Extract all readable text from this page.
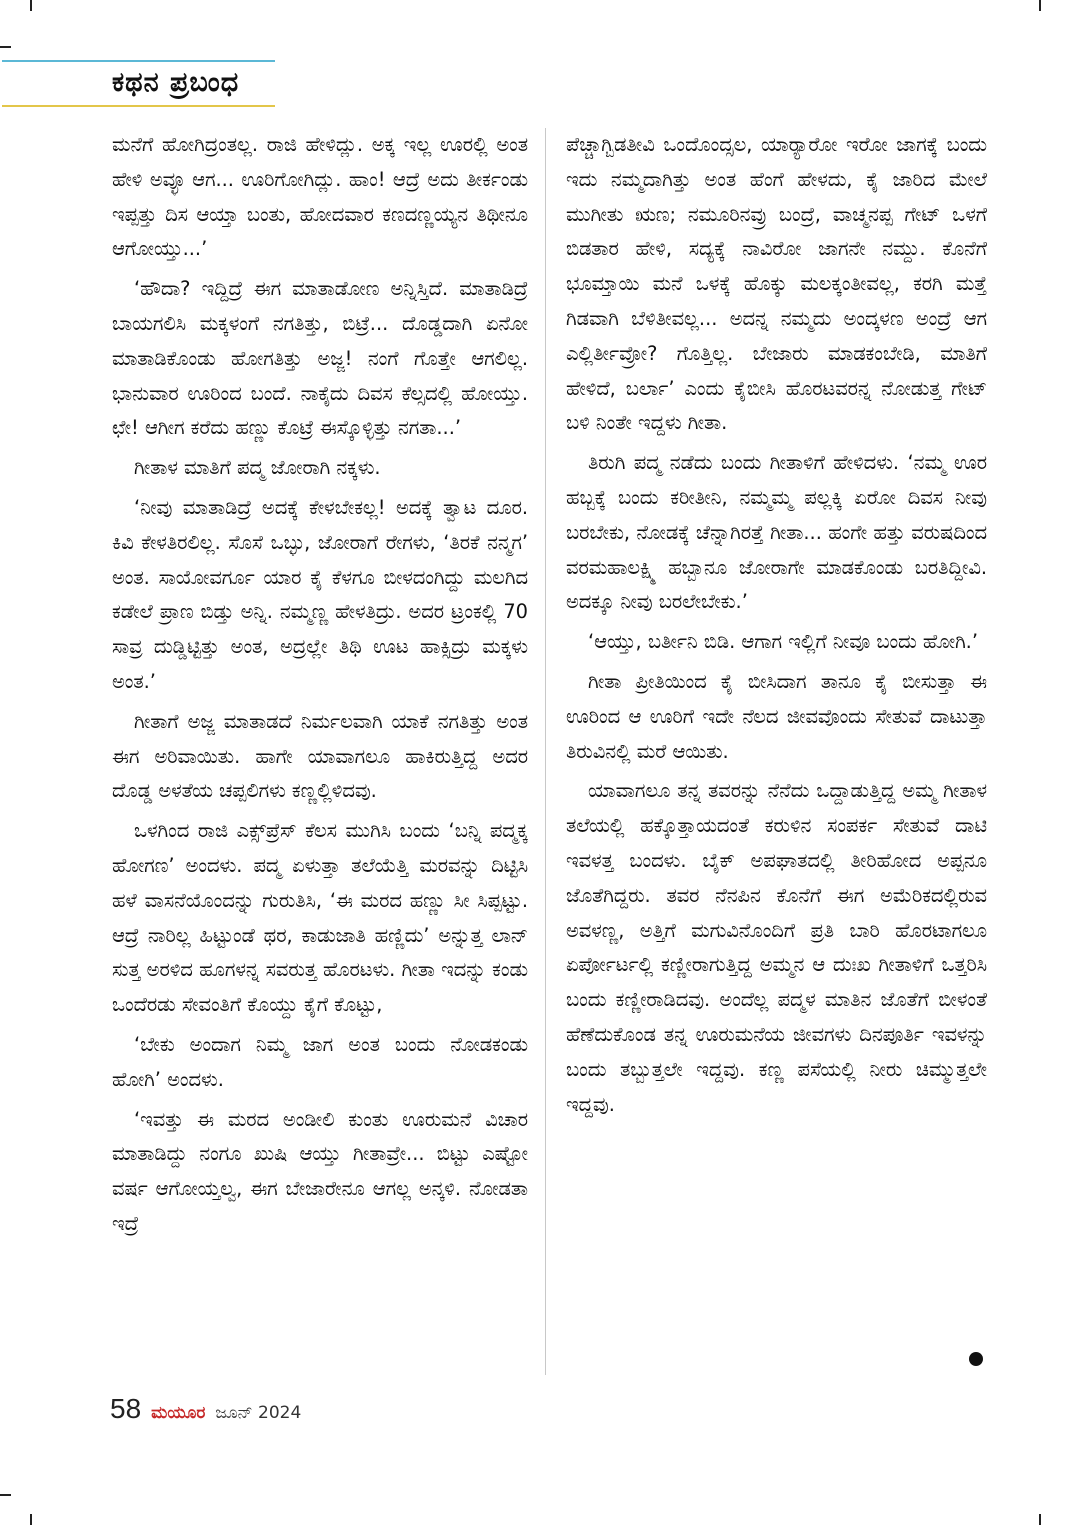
ಕಥನ ಪ್ರಬಂಧ

ಮನೆಗೆ ಹೋಗಿದ್ರಂತಲ್ಲ. ರಾಜಿ ಹೇಳಿದ್ಲು. ಅಕ್ಕ ಇಲ್ಲ ಊರಲ್ಲಿ ಅಂತ ಹೇಳಿ ಅವ್ಳೂ ಆಗ... ಊರಿಗೋಗಿದ್ಲು. ಹಾಂ! ಆದ್ರೆ ಅದು ತೀರ್ಕಂಡು ಇಪ್ಪತ್ತು ದಿಸ ಆಯ್ತಾ ಬಂತು, ಹೋದವಾರ ಕಣದಣ್ಣಯ್ಯನ ತಿಥೀನೂ ಆಗೋಯ್ತು...’

‘ಹೌದಾ? ಇದ್ದಿದ್ರೆ ಈಗ ಮಾತಾಡೋಣ ಅನ್ನಿಸ್ತಿದೆ. ಮಾತಾಡಿದ್ರೆ ಬಾಯಗಲಿಸಿ ಮಕ್ಕಳಂಗೆ ನಗತಿತ್ತು, ಬಿಟ್ರೆ... ದೊಡ್ಡದಾಗಿ ಏನೋ ಮಾತಾಡಿಕೊಂಡು ಹೋಗತಿತ್ತು ಅಜ್ಜ! ನಂಗೆ ಗೊತ್ತೇ ಆಗಲಿಲ್ಲ. ಭಾನುವಾರ ಊರಿಂದ ಬಂದೆ. ನಾಕೈದು ದಿವಸ ಕೆಲ್ಸದಲ್ಲಿ ಹೋಯ್ತು. ಛೇ! ಆಗೀಗ ಕರೆದು ಹಣ್ಣು ಕೊಟ್ರೆ ಈಸ್ಕೊಳ್ಳಿತ್ತು ನಗತಾ...’

ಗೀತಾಳ ಮಾತಿಗೆ ಪದ್ಮ ಜೋರಾಗಿ ನಕ್ಕಳು.

‘ನೀವು ಮಾತಾಡಿದ್ರೆ ಅದಕ್ಕೆ ಕೇಳಬೇಕಲ್ಲ! ಅದಕ್ಕೆ ತ್ವಾಟ ದೂರ. ಕಿವಿ ಕೇಳತಿರಲಿಲ್ಲ. ಸೊಸೆ ಒಬ್ಳು, ಜೋರಾಗೆ ರೇಗಳು, ‘ತಿರಕೆ ನನ್ಮಗ’ ಅಂತ. ಸಾಯೋವರ್ಗೂ ಯಾರ ಕೈ ಕೆಳಗೂ ಬೀಳದಂಗಿದ್ದು ಮಲಗಿದ ಕಡೇಲೆ ಪ್ರಾಣ ಬಿಡ್ತು ಅನ್ನಿ. ನಮ್ಮಣ್ಣ ಹೇಳತಿದ್ರು. ಅದರ ಟ್ರಂಕಲ್ಲಿ 70 ಸಾವ್ರ ದುಡ್ಡಿಟ್ಟಿತ್ತು ಅಂತ, ಅದ್ರಲ್ಲೇ ತಿಥಿ ಊಟ ಹಾಕ್ಸಿದ್ರು ಮಕ್ಕಳು ಅಂತ.’

ಗೀತಾಗೆ ಅಜ್ಜ ಮಾತಾಡದೆ ನಿರ್ಮಲವಾಗಿ ಯಾಕೆ ನಗತಿತ್ತು ಅಂತ ಈಗ ಅರಿವಾಯಿತು. ಹಾಗೇ ಯಾವಾಗಲೂ ಹಾಕಿರುತ್ತಿದ್ದ ಅದರ ದೊಡ್ಡ ಅಳತೆಯ ಚಪ್ಪಲಿಗಳು ಕಣ್ಣಲ್ಲಿಳಿದವು.

ಒಳಗಿಂದ ರಾಜಿ ಎಕ್ಸ್‌ಪ್ರೆಸ್ ಕೆಲಸ ಮುಗಿಸಿ ಬಂದು ‘ಬನ್ನಿ ಪದ್ಮಕ್ಕ ಹೋಗಣ’ ಅಂದಳು. ಪದ್ಮ ಏಳುತ್ತಾ ತಲೆಯೆತ್ತಿ ಮರವನ್ನು ದಿಟ್ಟಿಸಿ ಹಳೆ ವಾಸನೆಯೊಂದನ್ನು ಗುರುತಿಸಿ, ‘ಈ ಮರದ ಹಣ್ಣು ಸೀ ಸಿಪ್ಪಟ್ಟು. ಆದ್ರೆ ನಾರಿಲ್ಲ ಹಿಟ್ಟುಂಡೆ ಥರ, ಕಾಡುಜಾತಿ ಹಣ್ಣಿದು’ ಅನ್ನುತ್ತ ಲಾನ್ ಸುತ್ತ ಅರಳಿದ ಹೂಗಳನ್ನ ಸವರುತ್ತ ಹೊರಟಳು. ಗೀತಾ ಇದನ್ನು ಕಂಡು ಒಂದೆರಡು ಸೇವಂತಿಗೆ ಕೊಯ್ದು ಕೈಗೆ ಕೊಟ್ಟು,

‘ಬೇಕು ಅಂದಾಗ ನಿಮ್ಮ ಜಾಗ ಅಂತ ಬಂದು ನೋಡಕಂಡು ಹೋಗಿ’ ಅಂದಳು.

‘ಇವತ್ತು ಈ ಮರದ ಅಂಡೀಲಿ ಕುಂತು ಊರುಮನೆ ವಿಚಾರ ಮಾತಾಡಿದ್ದು ನಂಗೂ ಖುಷಿ ಆಯ್ತು ಗೀತಾವ್ರೇ... ಬಿಟ್ಟು ಎಷ್ಟೋ ವರ್ಷ ಆಗೋಯ್ತಲ್ವ, ಈಗ ಬೇಜಾರೇನೂ ಆಗಲ್ಲ ಅನ್ಕಳಿ. ನೋಡತಾ ಇದ್ರೆ

ಪೆಚ್ಚಾಗ್ಬಿಡತೀವಿ ಒಂದೊಂದ್ಸಲ, ಯಾರ್‍ಯಾರೋ ಇರೋ ಜಾಗಕ್ಕೆ ಬಂದು ಇದು ನಮ್ಮದಾಗಿತ್ತು ಅಂತ ಹೆಂಗೆ ಹೇಳದು, ಕೈ ಜಾರಿದ ಮೇಲೆ ಮುಗೀತು ಋಣ; ನಮೂರಿನವ್ರು ಬಂದ್ರೆ, ವಾಚ್ಮನಪ್ಪ ಗೇಟ್ ಒಳಗೆ ಬಿಡತಾರ ಹೇಳಿ, ಸದ್ಯಕ್ಕೆ ನಾವಿರೋ ಜಾಗನೇ ನಮ್ದು. ಕೊನೆಗೆ ಭೂಮ್ತಾಯಿ ಮನೆ ಒಳಕ್ಕೆ ಹೊಕ್ಕು ಮಲಕ್ಕಂತೀವಲ್ಲ, ಕರಗಿ ಮತ್ತೆ ಗಿಡವಾಗಿ ಬೆಳಿತೀವಲ್ಲ... ಅದನ್ನ ನಮ್ಮದು ಅಂದ್ಕಳಣ ಅಂದ್ರೆ ಆಗ ಎಲ್ಲಿರ್ತೀವ್ರೋ? ಗೊತ್ತಿಲ್ಲ. ಬೇಜಾರು ಮಾಡಕಂಬೇಡಿ, ಮಾತಿಗೆ ಹೇಳಿದೆ, ಬರ್ಲಾ’ ಎಂದು ಕೈಬೀಸಿ ಹೊರಟವರನ್ನ ನೋಡುತ್ತ ಗೇಟ್ ಬಳಿ ನಿಂತೇ ಇದ್ದಳು ಗೀತಾ.

ತಿರುಗಿ ಪದ್ಮ ನಡೆದು ಬಂದು ಗೀತಾಳಿಗೆ ಹೇಳಿದಳು. ‘ನಮ್ಮ ಊರ ಹಬ್ಬಕ್ಕೆ ಬಂದು ಕರೀತೀನಿ, ನಮ್ಮಮ್ಮ ಪಲ್ಲಕ್ಕಿ ಏರೋ ದಿವಸ ನೀವು ಬರಬೇಕು, ನೋಡಕ್ಕೆ ಚೆನ್ನಾಗಿರತ್ತೆ ಗೀತಾ... ಹಂಗೇ ಹತ್ತು ವರುಷದಿಂದ ವರಮಹಾಲಕ್ಷ್ಮಿ ಹಬ್ಬಾನೂ ಜೋರಾಗೇ ಮಾಡಕೊಂಡು ಬರತಿದ್ದೀವಿ. ಅದಕ್ಕೂ ನೀವು ಬರಲೇಬೇಕು.’

‘ಆಯ್ತು, ಬರ್ತೀನಿ ಬಿಡಿ. ಆಗಾಗ ಇಲ್ಲಿಗೆ ನೀವೂ ಬಂದು ಹೋಗಿ.’

ಗೀತಾ ಪ್ರೀತಿಯಿಂದ ಕೈ ಬೀಸಿದಾಗ ತಾನೂ ಕೈ ಬೀಸುತ್ತಾ ಈ ಊರಿಂದ ಆ ಊರಿಗೆ ಇದೇ ನೆಲದ ಜೀವವೊಂದು ಸೇತುವೆ ದಾಟುತ್ತಾ ತಿರುವಿನಲ್ಲಿ ಮರೆ ಆಯಿತು.

ಯಾವಾಗಲೂ ತನ್ನ ತವರನ್ನು ನೆನೆದು ಒದ್ದಾಡುತ್ತಿದ್ದ ಅಮ್ಮ ಗೀತಾಳ ತಲೆಯಲ್ಲಿ ಹಕ್ಕೊತ್ತಾಯದಂತೆ ಕರುಳಿನ ಸಂಪರ್ಕ ಸೇತುವೆ ದಾಟಿ ಇವಳತ್ತ ಬಂದಳು. ಬೈಕ್ ಅಪಘಾತದಲ್ಲಿ ತೀರಿಹೋದ ಅಪ್ಪನೂ ಜೊತೆಗಿದ್ದರು. ತವರ ನೆನಪಿನ ಕೊನೆಗೆ ಈಗ ಅಮೆರಿಕದಲ್ಲಿರುವ ಅವಳಣ್ಣ, ಅತ್ತಿಗೆ ಮಗುವಿನೊಂದಿಗೆ ಪ್ರತಿ ಬಾರಿ ಹೊರಟಾಗಲೂ ಏರ್ಪೋರ್ಟಲ್ಲಿ ಕಣ್ಣೀರಾಗುತ್ತಿದ್ದ ಅಮ್ಮನ ಆ ದುಃಖ ಗೀತಾಳಿಗೆ ಒತ್ತರಿಸಿ ಬಂದು ಕಣ್ಣೀರಾಡಿದವು. ಅಂದೆಲ್ಲ ಪದ್ಮಳ ಮಾತಿನ ಜೊತೆಗೆ ಬೀಳಂತೆ ಹೆಣೆದುಕೊಂಡ ತನ್ನ ಊರುಮನೆಯ ಜೀವಗಳು ದಿನಪೂರ್ತಿ ಇವಳನ್ನು ಬಂದು ತಬ್ಬುತ್ತಲೇ ಇದ್ದವು. ಕಣ್ಣ ಪಸೆಯಲ್ಲಿ ನೀರು ಚಿಮ್ಮುತ್ತಲೇ ಇದ್ದವು.

58 ಮಯೂರ ಜೂನ್ 2024
